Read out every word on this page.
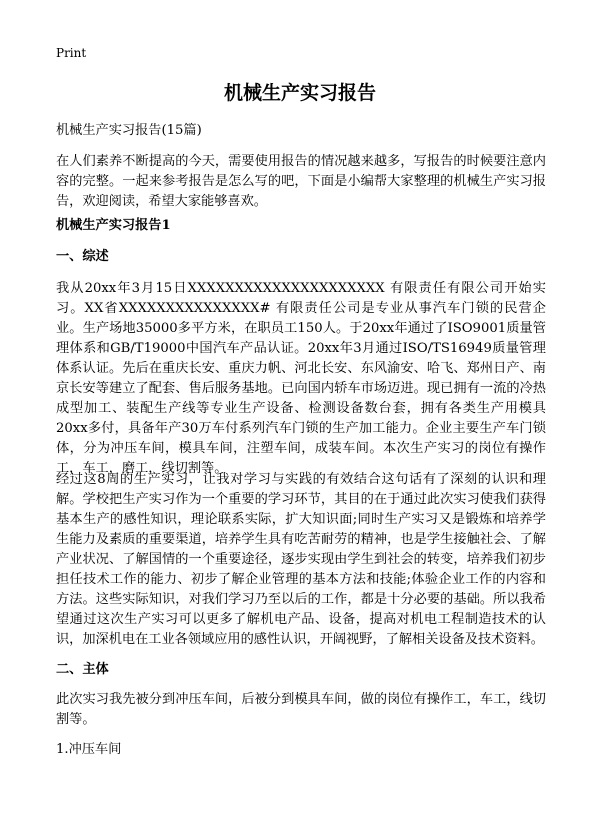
Print
机械生产实习报告

机械生产实习报告(15篇)

在人们素养不断提高的今天，需要使用报告的情况越来越多，写报告的时候要注意内容的完整。一起来参考报告是怎么写的吧，下面是小编帮大家整理的机械生产实习报告，欢迎阅读，希望大家能够喜欢。

机械生产实习报告1

一、综述

我从20xx年3月15日XXXXXXXXXXXXXXXXXXXXX 有限责任有限公司开始实习。XX省XXXXXXXXXXXXXXX# 有限责任公司是专业从事汽车门锁的民营企业。生产场地35000多平方米，在职员工150人。于20xx年通过了ISO9001质量管理体系和GB/T19000中国汽车产品认证。20xx年3月通过ISO/TS16949质量管理体系认证。先后在重庆长安、重庆力帆、河北长安、东风渝安、哈飞、郑州日产、南京长安等建立了配套、售后服务基地。已向国内轿车市场迈进。现已拥有一流的冷热成型加工、装配生产线等专业生产设备、检测设备数台套，拥有各类生产用模具20xx多付，具备年产30万车付系列汽车门锁的生产加工能力。企业主要生产车门锁体，分为冲压车间，模具车间，注塑车间，成装车间。本次生产实习的岗位有操作工，车工，磨工，线切割等。

经过这8周的生产实习，让我对学习与实践的有效结合这句话有了深刻的认识和理解。学校把生产实习作为一个重要的学习环节，其目的在于通过此次实习使我们获得基本生产的感性知识，理论联系实际，扩大知识面;同时生产实习又是锻炼和培养学生能力及素质的重要渠道，培养学生具有吃苦耐劳的精神，也是学生接触社会、了解产业状况、了解国情的一个重要途径，逐步实现由学生到社会的转变，培养我们初步担任技术工作的能力、初步了解企业管理的基本方法和技能;体验企业工作的内容和方法。这些实际知识，对我们学习乃至以后的工作，都是十分必要的基础。所以我希望通过这次生产实习可以更多了解机电产品、设备，提高对机电工程制造技术的认识，加深机电在工业各领域应用的感性认识，开阔视野，了解相关设备及技术资料。

二、主体

此次实习我先被分到冲压车间，后被分到模具车间，做的岗位有操作工，车工，线切割等。

1.冲压车间
